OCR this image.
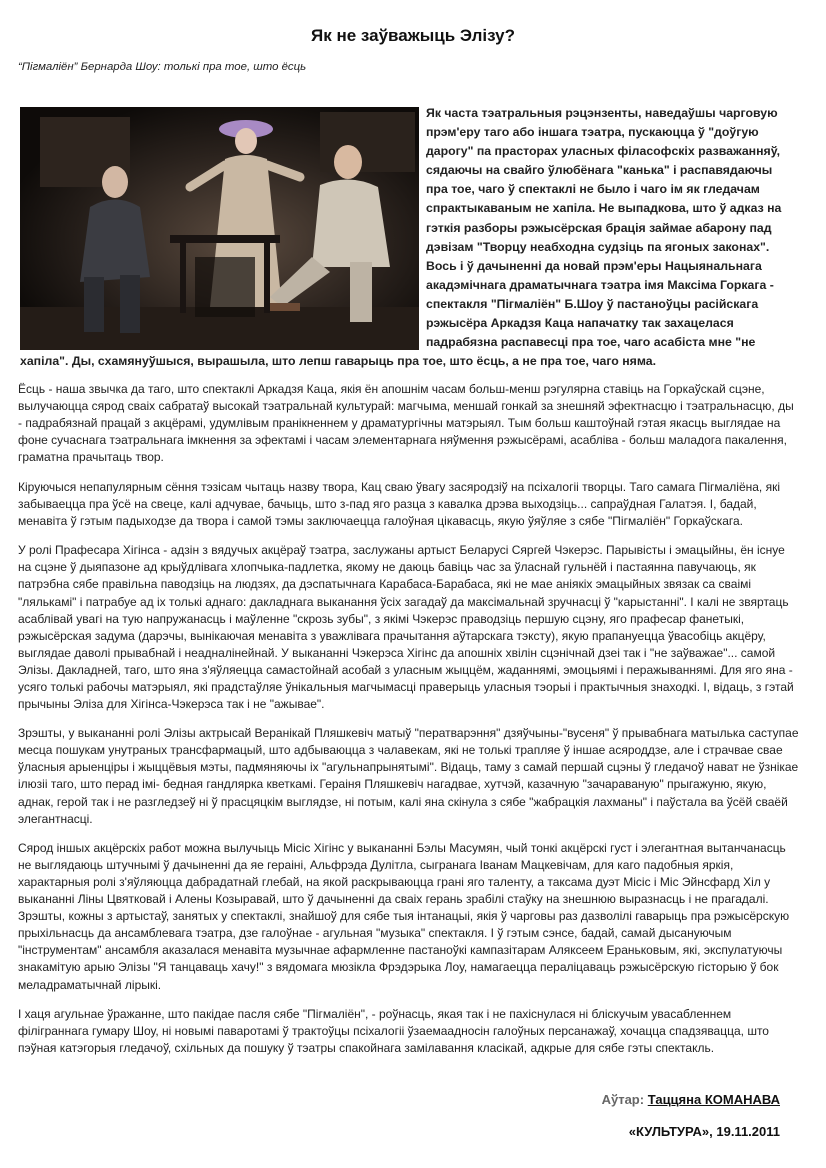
Як не заўважыць Элізу?
“Пігмаліён” Бернарда Шоу: толькі пра тое, што ёсць
Як часта тэатральныя рэцэнзенты, наведаўшы чарговую прэм'еру таго або іншага тэатра, пускаюцца ў "доўгую дарогу" па прасторах уласных філасофскіх разважанняў, сядаючы на свайго ўлюбёнага "канька" і распавядаючы пра тое, чаго ў спектаклі не было і чаго ім як гледачам спрактыкаваным не хапіла. Не выпадкова, што ў адказ на гэткія разборы рэжысёрская брацiя займае абарону пад дэвізам "Творцу неабходна судзіць па ягоных законах". Вось і ў дачыненні да новай прэм'еры Нацыянальнага акадэмічнага драматычнага тэатра імя Максіма Горкага - спектакля "Пігмаліён" Б.Шоу ў пастаноўцы расійскага рэжысёра Аркадзя Каца напачатку так захацелася падрабязна распавесці пра тое, чаго асабіста мне "не хапіла". Ды, схамянуўшыся, вырашыла, што лепш гаварыць пра тое, што ёсць, а не пра тое, чаго няма.

Ёсць - наша звычка да таго, што спектаклі Аркадзя Каца, якія ён апошнім часам больш-менш рэгулярна ставіць на Горкаўскай сцэне, вылучаюцца сярод сваіх сабратаў высокай тэатральнай культурай: магчыма, меншай гонкай за знешняй эфектнасцю і тэатральнасцю, ды - падрабязнай працай з акцёрамі, удумлівым пранікненнем у драматургічны матэрыял. Тым больш каштоўнай гэтая якасць выглядае на фоне сучаснага тэатральнага імкнення за эфектамі і часам элементарнага няўмення рэжысёрамі, асабліва - больш маладога пакалення, граматна прачытаць твор.

Кіруючыся непапулярным сёння тэзісам чытаць назву твора, Кац сваю ўвагу засяродзіў на псіхалогіі творцы. Таго самага Пігмаліёна, які забываецца пра ўсё на свеце, калі адчувае, бачыць, што з-пад яго разца з кавалка дрэва выходзіць... сапраўдная Галатэя. І, бадай, менавіта ў гэтым падыходзе да твора і самой тэмы заключаецца галоўная цікавасць, якую ўяўляе з сябе "Пігмаліён" Горкаўскага.

У ролі Прафесара Хігінса - адзін з вядучых акцёраў тэатра, заслужаны артыст Беларусі Сяргей Чэкерэс. Парывісты і эмацыйны, ён існуе на сцэне ў дыяпазоне ад крыўдлівага хлопчыка-падлетка, якому не даюць бавіць час за ўласнай гульнёй і пастаянна павучаюць, як патрэбна сябе правільна паводзіць на людзях, да дэспатычнага Карабаса-Барабаса, які не мае аніякіх эмацыйных звязак са сваімі "лялькамі" і патрабуе ад іх толькі аднаго: дакладнага выканання ўсіх загадаў да максімальнай зручнасці ў "карыстанні". І калі не звяртаць асаблівай увагі на тую напружанасць і маўленне "скрозь зубы", з якімі Чэкерэс праводзіць першую сцэну, яго прафесар фанетыкі, рэжысёрская задума (дарэчы, вынікаючая менавіта з уважлівага прачытання аўтарскага тэксту), якую прапануецца ўвасобіць акцёру, выглядае даволі прывабнай і неадналінейнай. У выкананні Чэкерэса Хігінс да апошніх хвілін сцэнічнай дзеі так і "не заўважае"... самой Элізы. Дакладней, таго, што яна з'яўляецца самастойнай асобай з уласным жыццём, жаданнямі, эмоцыямі і перажываннямі. Для яго яна - усяго толькі рабочы матэрыял, які прадстаўляе ўнікальныя магчымасці праверыць уласныя тэорыі і практычныя знаходкі. І, відаць, з гэтай прычыны Эліза для Хігінса-Чэкерэса так і не "ажывае".

Зрэшты, у выкананні ролі Элізы актрысай Веранікай Пляшкевіч матыў "ператварэння" дзяўчыны-"вусеня" ў прывабнага матылька саступае месца пошукам унутраных трансфармацый, што адбываюцца з чалавекам, які не толькі трапляе ў іншае асяроддзе, але і страчвае свае ўласныя арыенціры і жыццёвыя мэты, падмяняючы іх "агульнапрынятымі". Відаць, таму з самай першай сцэны ў гледачоў нават не ўзнікае ілюзіі таго, што перад імі- бедная гандлярка кветкамі. Гераіня Пляшкевіч нагадвае, хутчэй, казачную "зачараваную" прыгажуню, якую, аднак, герой так і не разгледзеў ні ў прасцяцкім выглядзе, ні потым, калі яна скінула з сябе "жабрацкія лахманы" і паўстала ва ўсёй сваёй элегантнасці.

Сярод іншых акцёрскіх работ можна вылучыць Місіс Хігінс у выкананні Бэлы Масумян, чый тонкі акцёрскі густ і элегантная вытанчанасць не выглядаюць штучнымі ў дачыненні да яе гераіні, Альфрэда Дулітла, сыгранага Іванам Мацкевічам, для каго падобныя яркія, характарныя ролі з'яўляюцца дабрадатнай глебай, на якой раскрываюцца грані яго таленту, а таксама дуэт Місіс і Міс Эйнсфард Хіл у выкананні Ліны Цвятковай і Алены Козыравай, што ў дачыненні да сваіх герань зрабілі стаўку на знешнюю выразнасць і не прагадалі. Зрэшты, кожны з артыстаў, занятых у спектаклі, знайшоў для сябе тыя інтанацыі, якія ў чарговы раз дазволілі гаварыць пра рэжысёрскую прыхільнасць да ансамблевага тэатра, дзе галоўнае - агульная "музыка" спектакля. І ў гэтым сэнсе, бадай, самай дысануючым "інструментам" ансамбля аказалася менавіта музычнае афармленне пастаноўкі кампазітарам Аляксеем Ераньковым, які, экспулатуючы знакамітую арыю Элізы "Я танцаваць хачу!" з вядомага мюзікла Фрэдэрыка Лоу, намагаецца пераліцаваць рэжысёрскую гісторыю ў бок меладраматычнай лірыкі.

І хаця агульнае ўражанне, што пакідае пасля сябе "Пігмаліён", - роўнасць, якая так і не пахіснулася ні бліскучым увасабленнем філіграннага гумару Шоу, ні новымі паваротамі ў трактоўцы псіхалогіі ўзаемаадносін галоўных персанажаў, хочацца спадзявацца, што пэўная катэгорыя гледачоў, схільных да пошуку ў тэатры спакойнага замілавання класікай, адкрые для сябе гэты спектакль.

Аўтар: Таццяна КОМАНАВА
«КУЛЬТУРА», 19.11.2011
